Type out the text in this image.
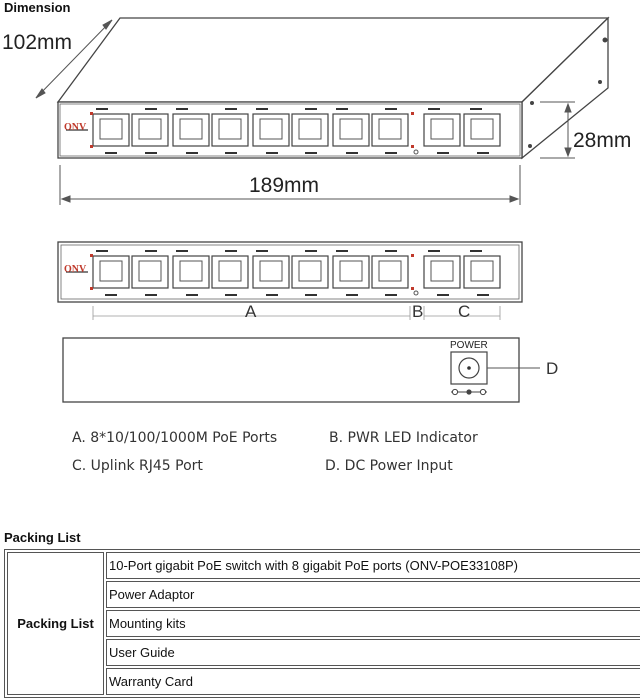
Dimension
102mm
28mm
189mm
ONV
ONV
A	B C
POWER
D
A. 8*10/100/1000M PoE Ports	B. PWR LED Indicator
C. Uplink RJ45 Port	D. DC Power Input
Packing List
Packing List	10-Port gigabit PoE switch with 8 gigabit PoE ports (ONV-POE33108P)
Power Adaptor
Mounting kits
User Guide
Warranty Card
